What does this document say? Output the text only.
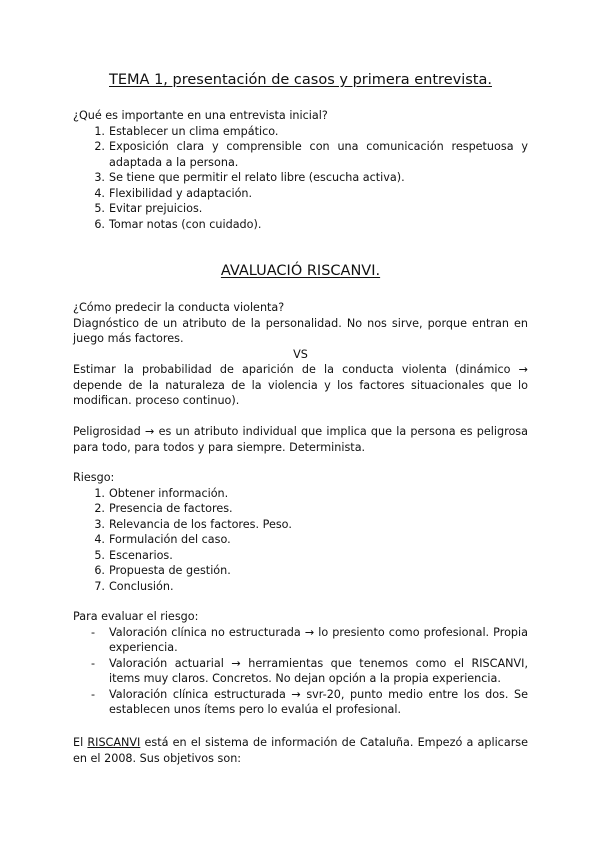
TEMA 1, presentación de casos y primera entrevista.

¿Qué es importante en una entrevista inicial?

1. Establecer un clima empático.
2. Exposición clara y comprensible con una comunicación respetuosa y adaptada a la persona.
3. Se tiene que permitir el relato libre (escucha activa).
4. Flexibilidad y adaptación.
5. Evitar prejuicios.
6. Tomar notas (con cuidado).
AVALUACIÓ RISCANVI.

¿Cómo predecir la conducta violenta?

Diagnóstico de un atributo de la personalidad. No nos sirve, porque entran en juego más factores.

VS

Estimar la probabilidad de aparición de la conducta violenta (dinámico → depende de la naturaleza de la violencia y los factores situacionales que lo modifican. proceso continuo).

Peligrosidad → es un atributo individual que implica que la persona es peligrosa para todo, para todos y para siempre. Determinista.

Riesgo:

1. Obtener información.
2. Presencia de factores.
3. Relevancia de los factores. Peso.
4. Formulación del caso.
5. Escenarios.
6. Propuesta de gestión.
7. Conclusión.

Para evaluar el riesgo:

- Valoración clínica no estructurada → lo presiento como profesional. Propia experiencia.
- Valoración actuarial → herramientas que tenemos como el RISCANVI, items muy claros. Concretos. No dejan opción a la propia experiencia.
- Valoración clínica estructurada → svr-20, punto medio entre los dos. Se establecen unos ítems pero lo evalúa el profesional.

El RISCANVI está en el sistema de información de Cataluña. Empezó a aplicarse en el 2008. Sus objetivos son:
